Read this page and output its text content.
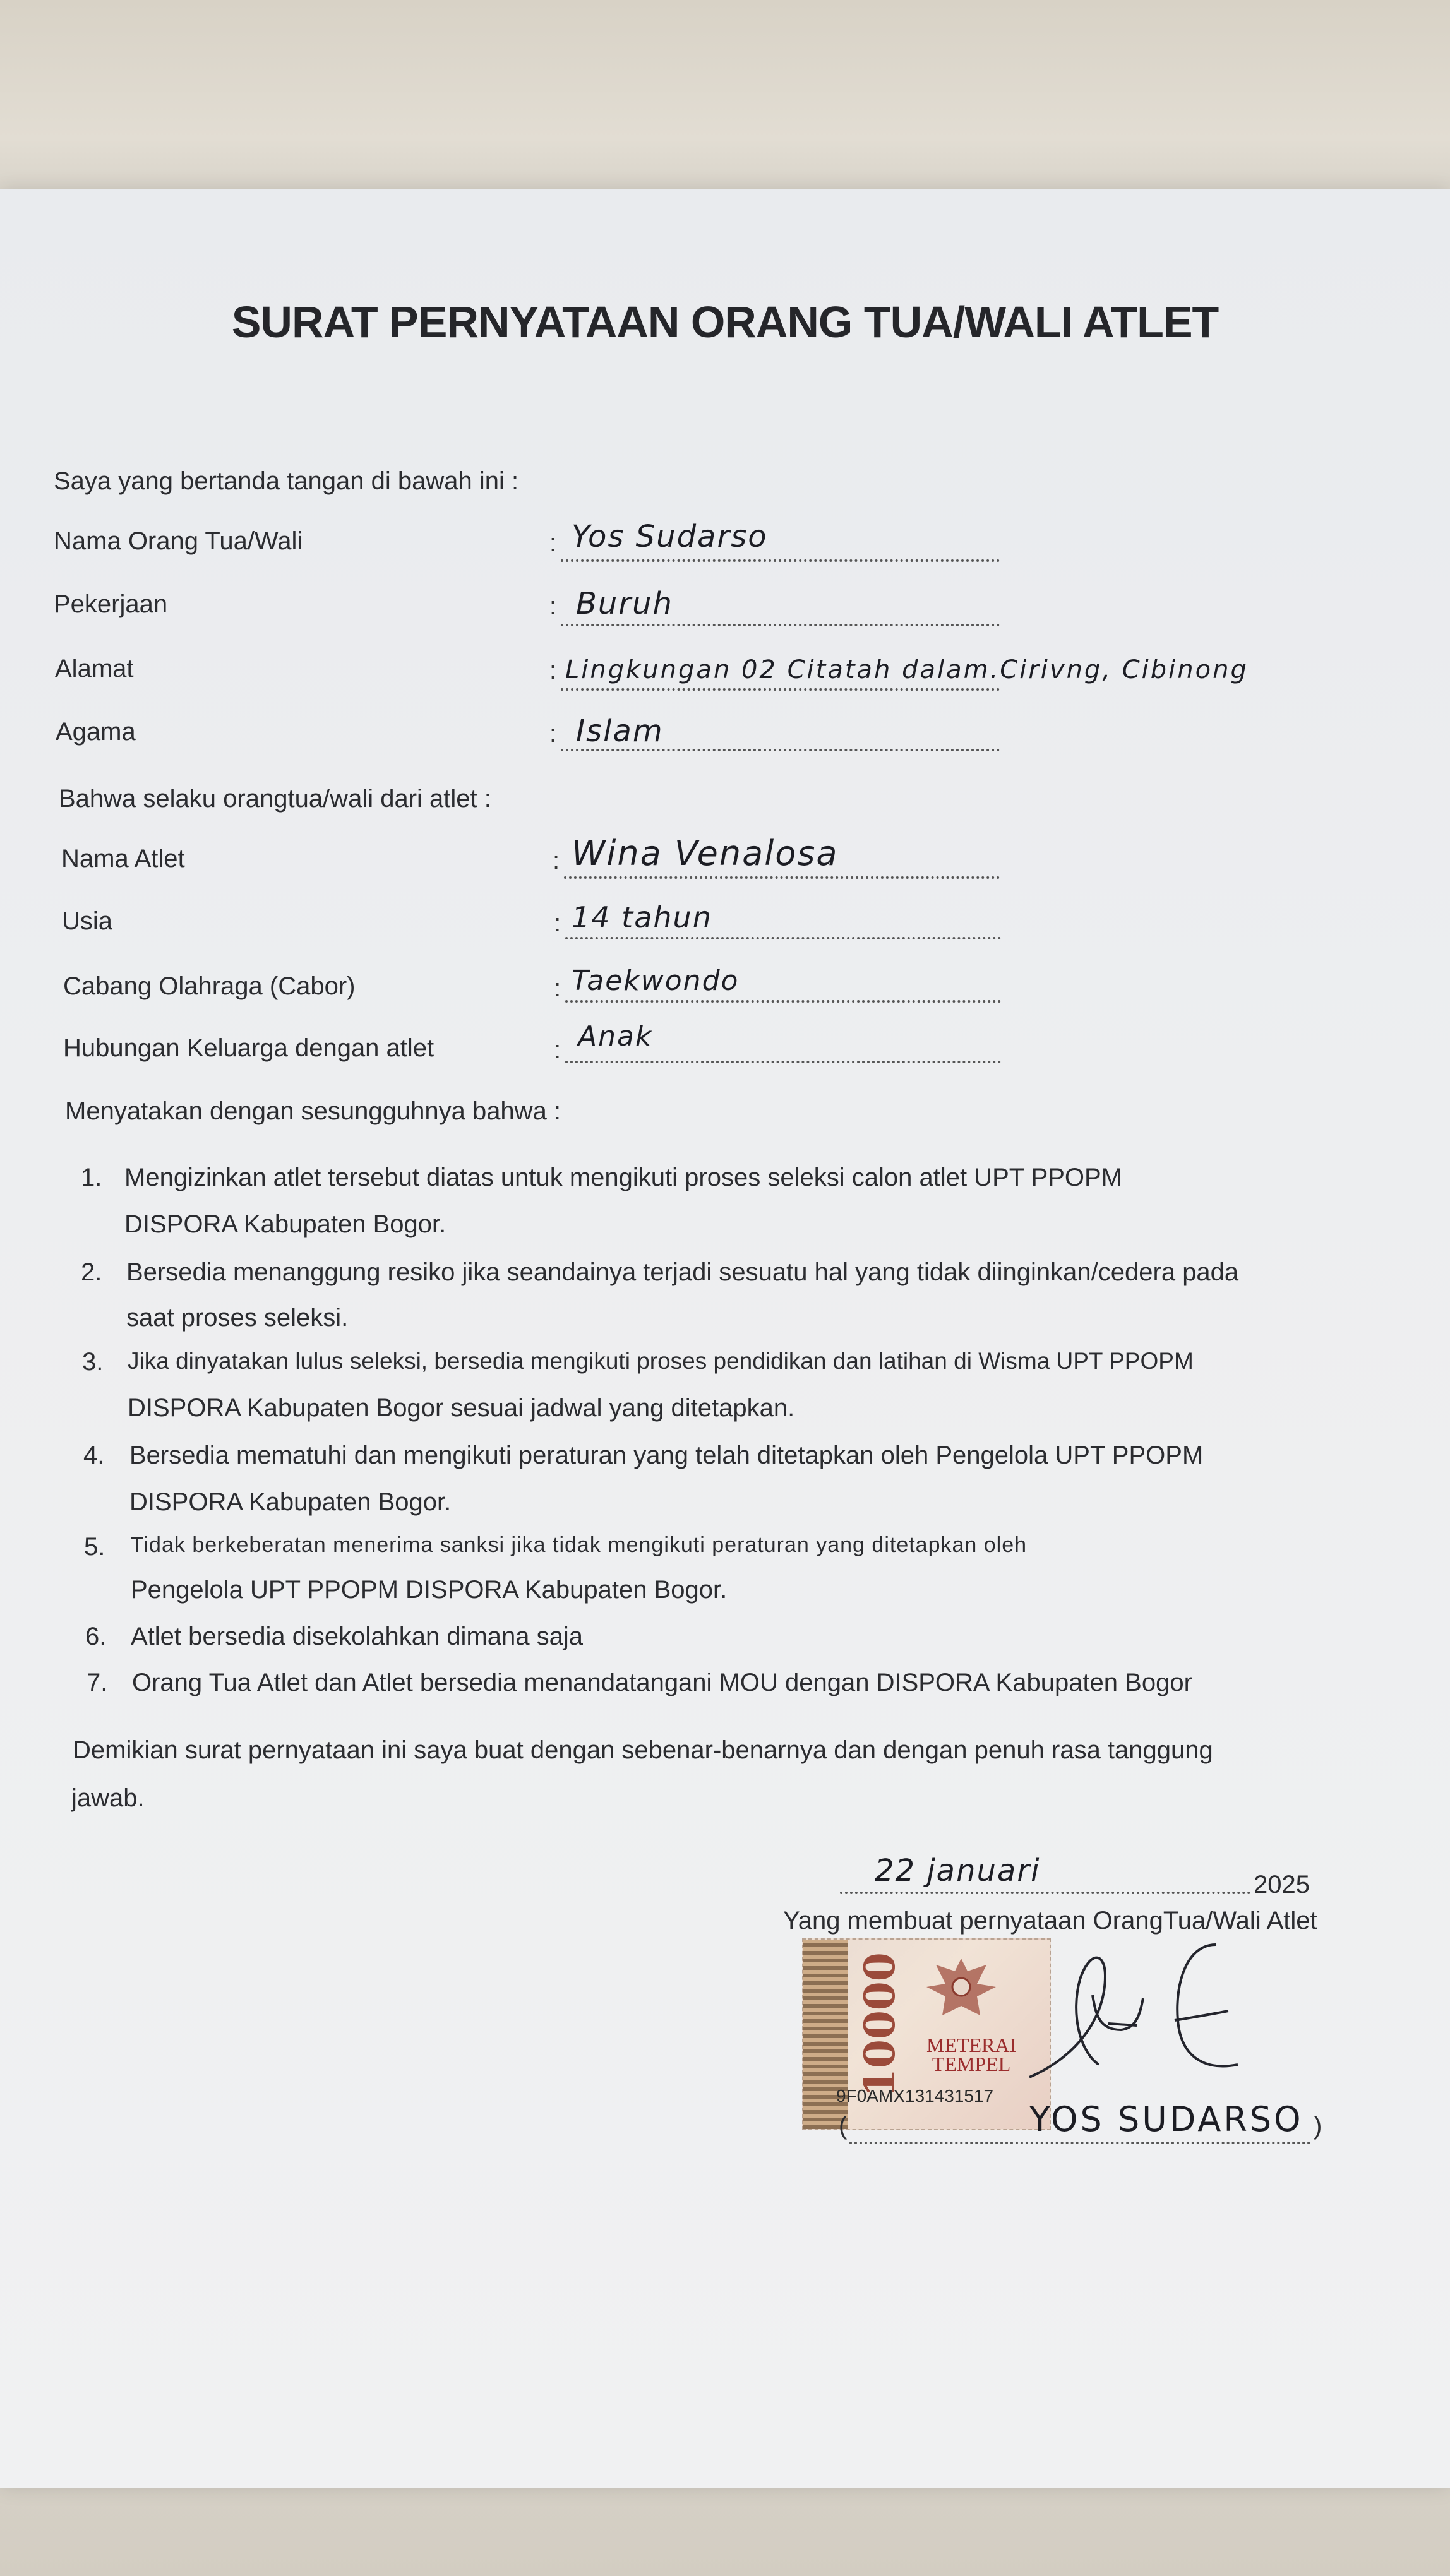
SURAT PERNYATAAN ORANG TUA/WALI ATLET
Saya yang bertanda tangan di bawah ini :
Nama Orang Tua/Wali	: Yos Sudarso
Pekerjaan	: Buruh
Alamat	: Lingkungan 02 Citatah dalam.Cirivng, Cibinong
Agama	: Islam
Bahwa selaku orangtua/wali dari atlet :
Nama Atlet	: Wina Venalosa
Usia	: 14 tahun
Cabang Olahraga (Cabor)	: Taekwondo
Hubungan Keluarga dengan atlet	: Anak
Menyatakan dengan sesungguhnya bahwa :
1. Mengizinkan atlet tersebut diatas untuk mengikuti proses seleksi calon atlet UPT PPOPM
DISPORA Kabupaten Bogor.
2. Bersedia menanggung resiko jika seandainya terjadi sesuatu hal yang tidak diinginkan/cedera pada
saat proses seleksi.
3. Jika dinyatakan lulus seleksi, bersedia mengikuti proses pendidikan dan latihan di Wisma UPT PPOPM
DISPORA Kabupaten Bogor sesuai jadwal yang ditetapkan.
4. Bersedia mematuhi dan mengikuti peraturan yang telah ditetapkan oleh Pengelola UPT PPOPM
DISPORA Kabupaten Bogor.
5. Tidak berkeberatan menerima sanksi jika tidak mengikuti peraturan yang ditetapkan oleh
Pengelola UPT PPOPM DISPORA Kabupaten Bogor.
6. Atlet bersedia disekolahkan dimana saja
7. Orang Tua Atlet dan Atlet bersedia menandatangani MOU dengan DISPORA Kabupaten Bogor
Demikian surat pernyataan ini saya buat dengan sebenar-benarnya dan dengan penuh rasa tanggung
jawab.
22 januari	2025
Yang membuat pernyataan OrangTua/Wali Atlet
10000 METERAI
TEMPEL
9F0AMX131431517
(	YOS SUDARSO )
